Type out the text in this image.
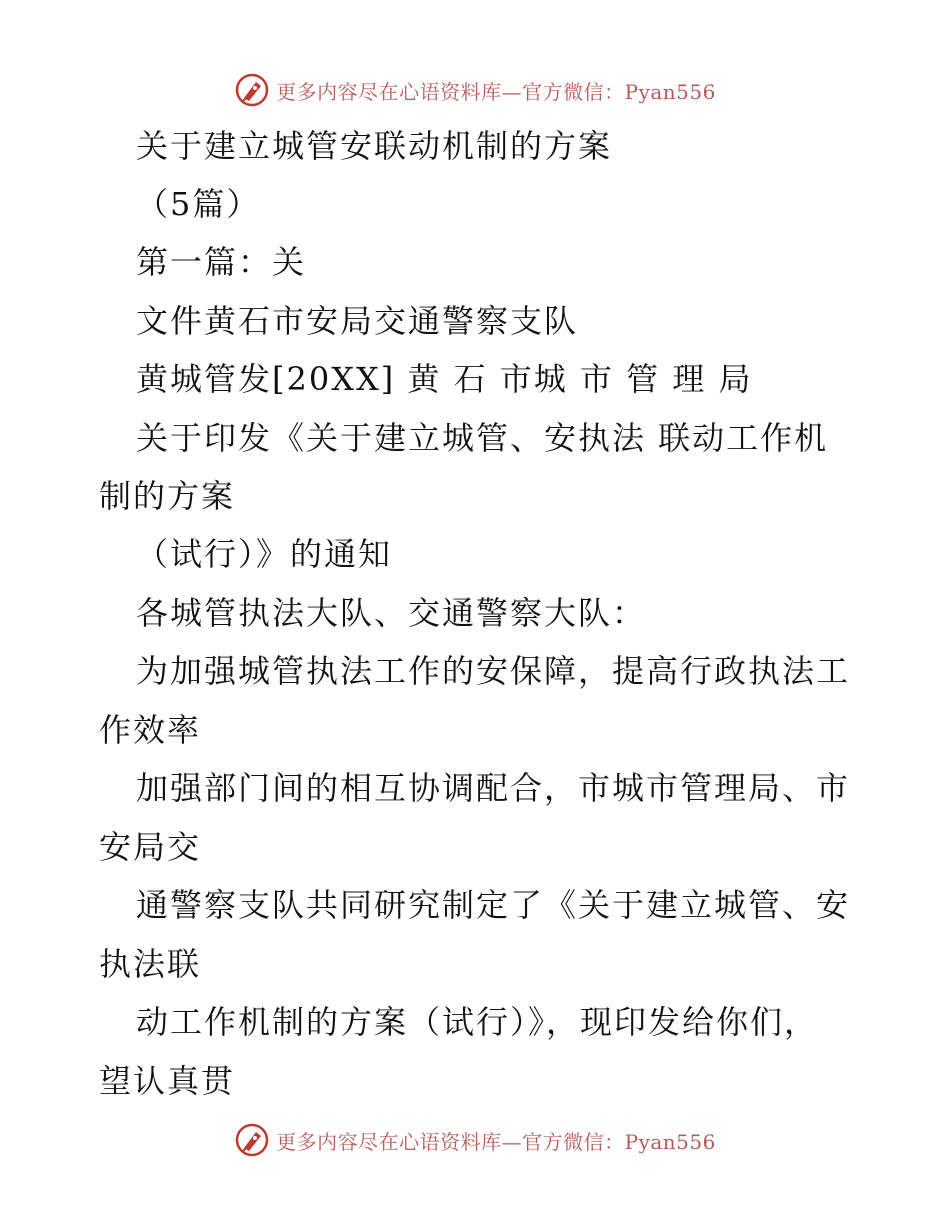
更多内容尽在心语资料库—官方微信：Pyan556
关于建立城管安联动机制的方案
（5篇）
第一篇：关
文件黄石市安局交通警察支队
黄城管发[20XX] 黄 石 市城 市 管 理 局
关于印发《关于建立城管、安执法 联动工作机
制的方案
（试行）》的通知
各城管执法大队、交通警察大队：
为加强城管执法工作的安保障，提高行政执法工
作效率
加强部门间的相互协调配合，市城市管理局、市
安局交
通警察支队共同研究制定了《关于建立城管、安
执法联
动工作机制的方案（试行）》，现印发给你们，
望认真贯
更多内容尽在心语资料库—官方微信：Pyan556
